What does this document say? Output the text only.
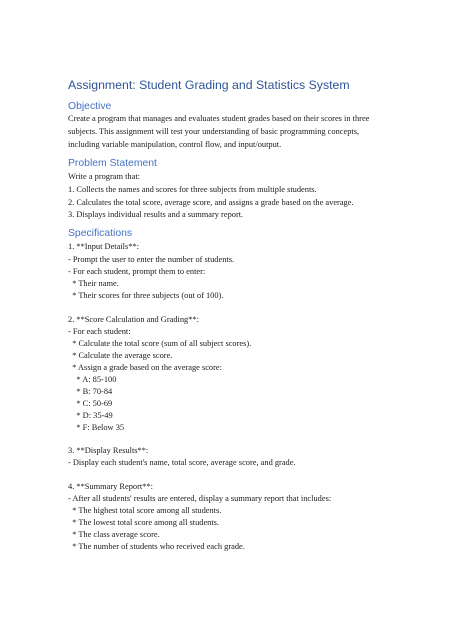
Assignment: Student Grading and Statistics System
Objective
Create a program that manages and evaluates student grades based on their scores in three
subjects. This assignment will test your understanding of basic programming concepts,
including variable manipulation, control flow, and input/output.
Problem Statement
Write a program that:
1. Collects the names and scores for three subjects from multiple students.
2. Calculates the total score, average score, and assigns a grade based on the average.
3. Displays individual results and a summary report.
Specifications
1. **Input Details**:
- Prompt the user to enter the number of students.
- For each student, prompt them to enter:
* Their name.
* Their scores for three subjects (out of 100).
2. **Score Calculation and Grading**:
- For each student:
* Calculate the total score (sum of all subject scores).
* Calculate the average score.
* Assign a grade based on the average score:
* A: 85-100
* B: 70-84
* C: 50-69
* D: 35-49
* F: Below 35
3. **Display Results**:
- Display each student's name, total score, average score, and grade.
4. **Summary Report**:
- After all students' results are entered, display a summary report that includes:
* The highest total score among all students.
* The lowest total score among all students.
* The class average score.
* The number of students who received each grade.
